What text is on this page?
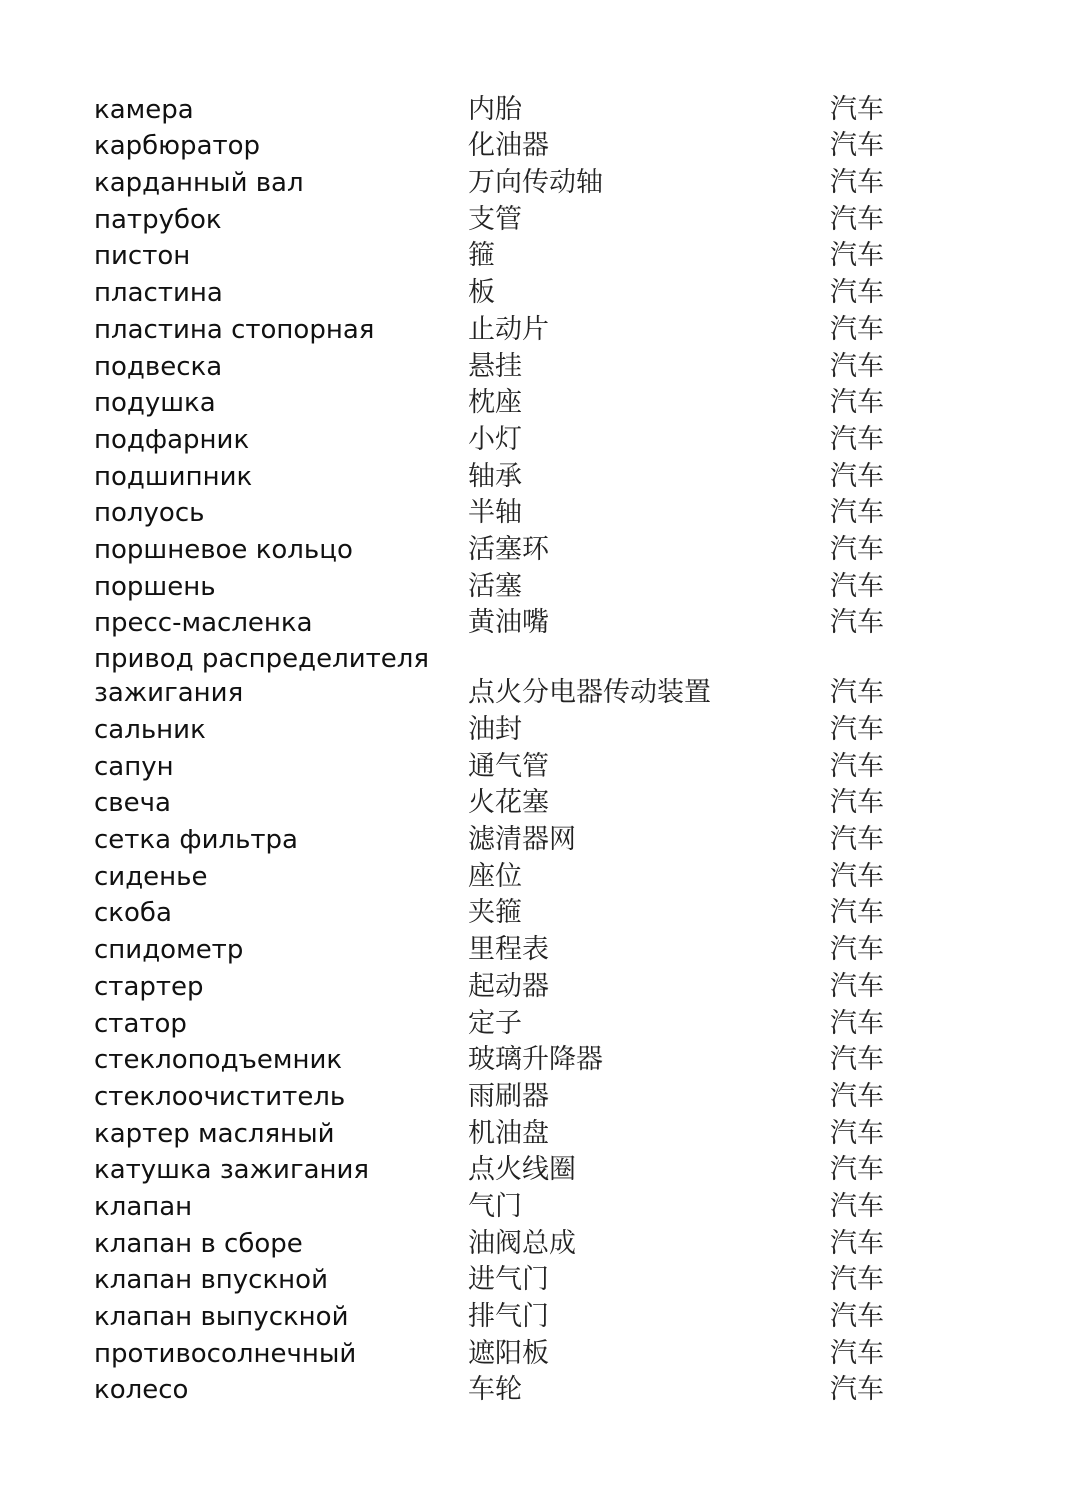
камера	内胎	汽车
карбюратор	化油器	汽车
карданный вал	万向传动轴	汽车
патрубок	支管	汽车
пистон	箍	汽车
пластина	板	汽车
пластина стопорная	止动片	汽车
подвеска	悬挂	汽车
подушка	枕座	汽车
подфарник	小灯	汽车
подшипник	轴承	汽车
полуось	半轴	汽车
поршневое кольцо	活塞环	汽车
поршень	活塞	汽车
пресс-масленка	黄油嘴	汽车
привод распределителя
зажигания	点火分电器传动装置	汽车
сальник	油封	汽车
сапун	通气管	汽车
свеча	火花塞	汽车
сетка фильтра	滤清器网	汽车
сиденье	座位	汽车
скоба	夹箍	汽车
спидометр	里程表	汽车
стартер	起动器	汽车
статор	定子	汽车
стеклоподъемник	玻璃升降器	汽车
стеклоочиститель	雨刷器	汽车
картер масляный	机油盘	汽车
катушка зажигания	点火线圈	汽车
клапан	气门	汽车
клапан в сборе	油阀总成	汽车
клапан впускной	进气门	汽车
клапан выпускной	排气门	汽车
противосолнечный	遮阳板	汽车
колесо	车轮	汽车
